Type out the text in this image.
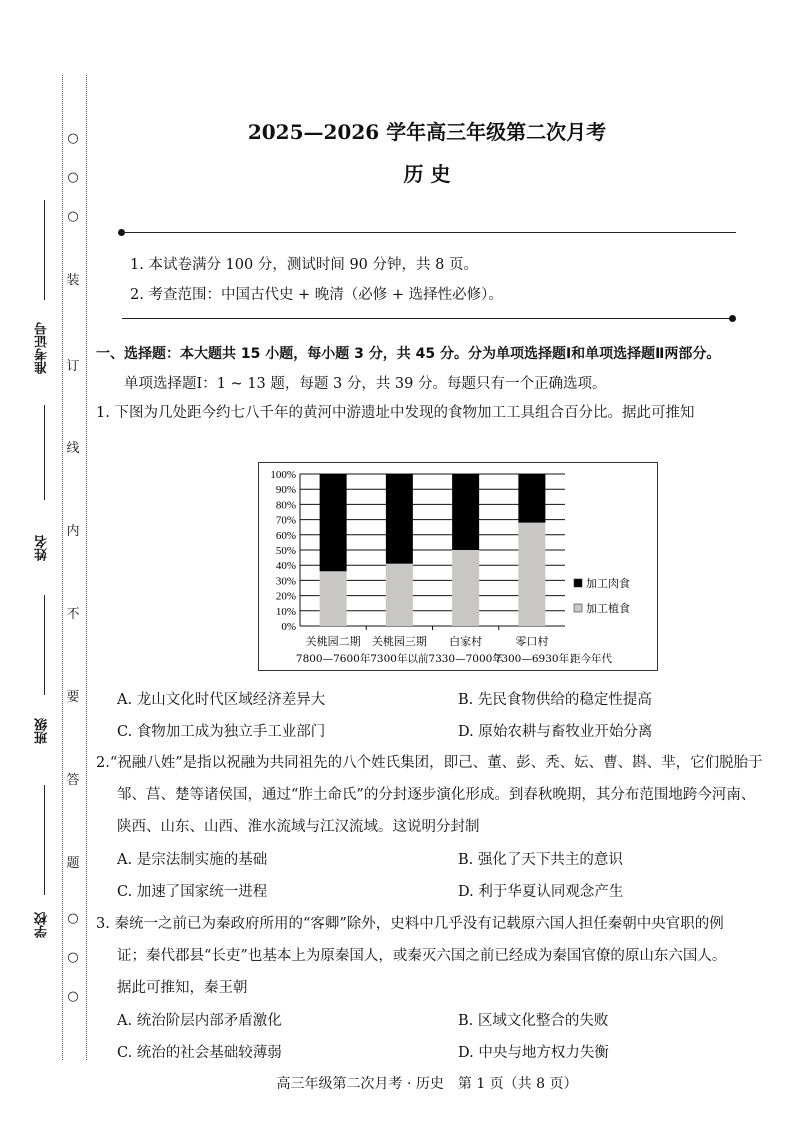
准考证号
姓名
班级
学校
○
○
○
装
订
线
内
不
要
答
题
○
○
○
2025—2026 学年高三年级第二次月考
历 史
1. 本试卷满分 100 分，测试时间 90 分钟，共 8 页。
2. 考查范围：中国古代史 + 晚清（必修 + 选择性必修）。
一、选择题：本大题共 15 小题，每小题 3 分，共 45 分。分为单项选择题Ⅰ和单项选择题Ⅱ两部分。
单项选择题Ⅰ：1 ~ 13 题，每题 3 分，共 39 分。每题只有一个正确选项。
1. 下图为几处距今约七八千年的黄河中游遗址中发现的食物加工工具组合百分比。据此可推知
0%
10%
20%
30%
40%
50%
60%
70%
80%
90%
100%
关桃园二期
7800—7600年
关桃园三期
7300年以前
白家村
7330—7000年
零口村
7300—6930年 距今年代
加工肉食
加工植食
A. 龙山文化时代区域经济差异大	B. 先民食物供给的稳定性提高
C. 食物加工成为独立手工业部门	D. 原始农耕与畜牧业开始分离
2.“祝融八姓”是指以祝融为共同祖先的八个姓氏集团，即己、董、彭、秃、妘、曹、斟、芈，它们脱胎于
邹、莒、楚等诸侯国，通过“胙土命氏”的分封逐步演化形成。到春秋晚期，其分布范围地跨今河南、
陕西、山东、山西、淮水流域与江汉流域。这说明分封制
A. 是宗法制实施的基础	B. 强化了天下共主的意识
C. 加速了国家统一进程	D. 利于华夏认同观念产生
3. 秦统一之前已为秦政府所用的“客卿”除外，史料中几乎没有记载原六国人担任秦朝中央官职的例
证；秦代郡县“长吏”也基本上为原秦国人，或秦灭六国之前已经成为秦国官僚的原山东六国人。
据此可推知，秦王朝
A. 统治阶层内部矛盾激化	B. 区域文化整合的失败
C. 统治的社会基础较薄弱	D. 中央与地方权力失衡
高三年级第二次月考 · 历史　第 1 页（共 8 页）
